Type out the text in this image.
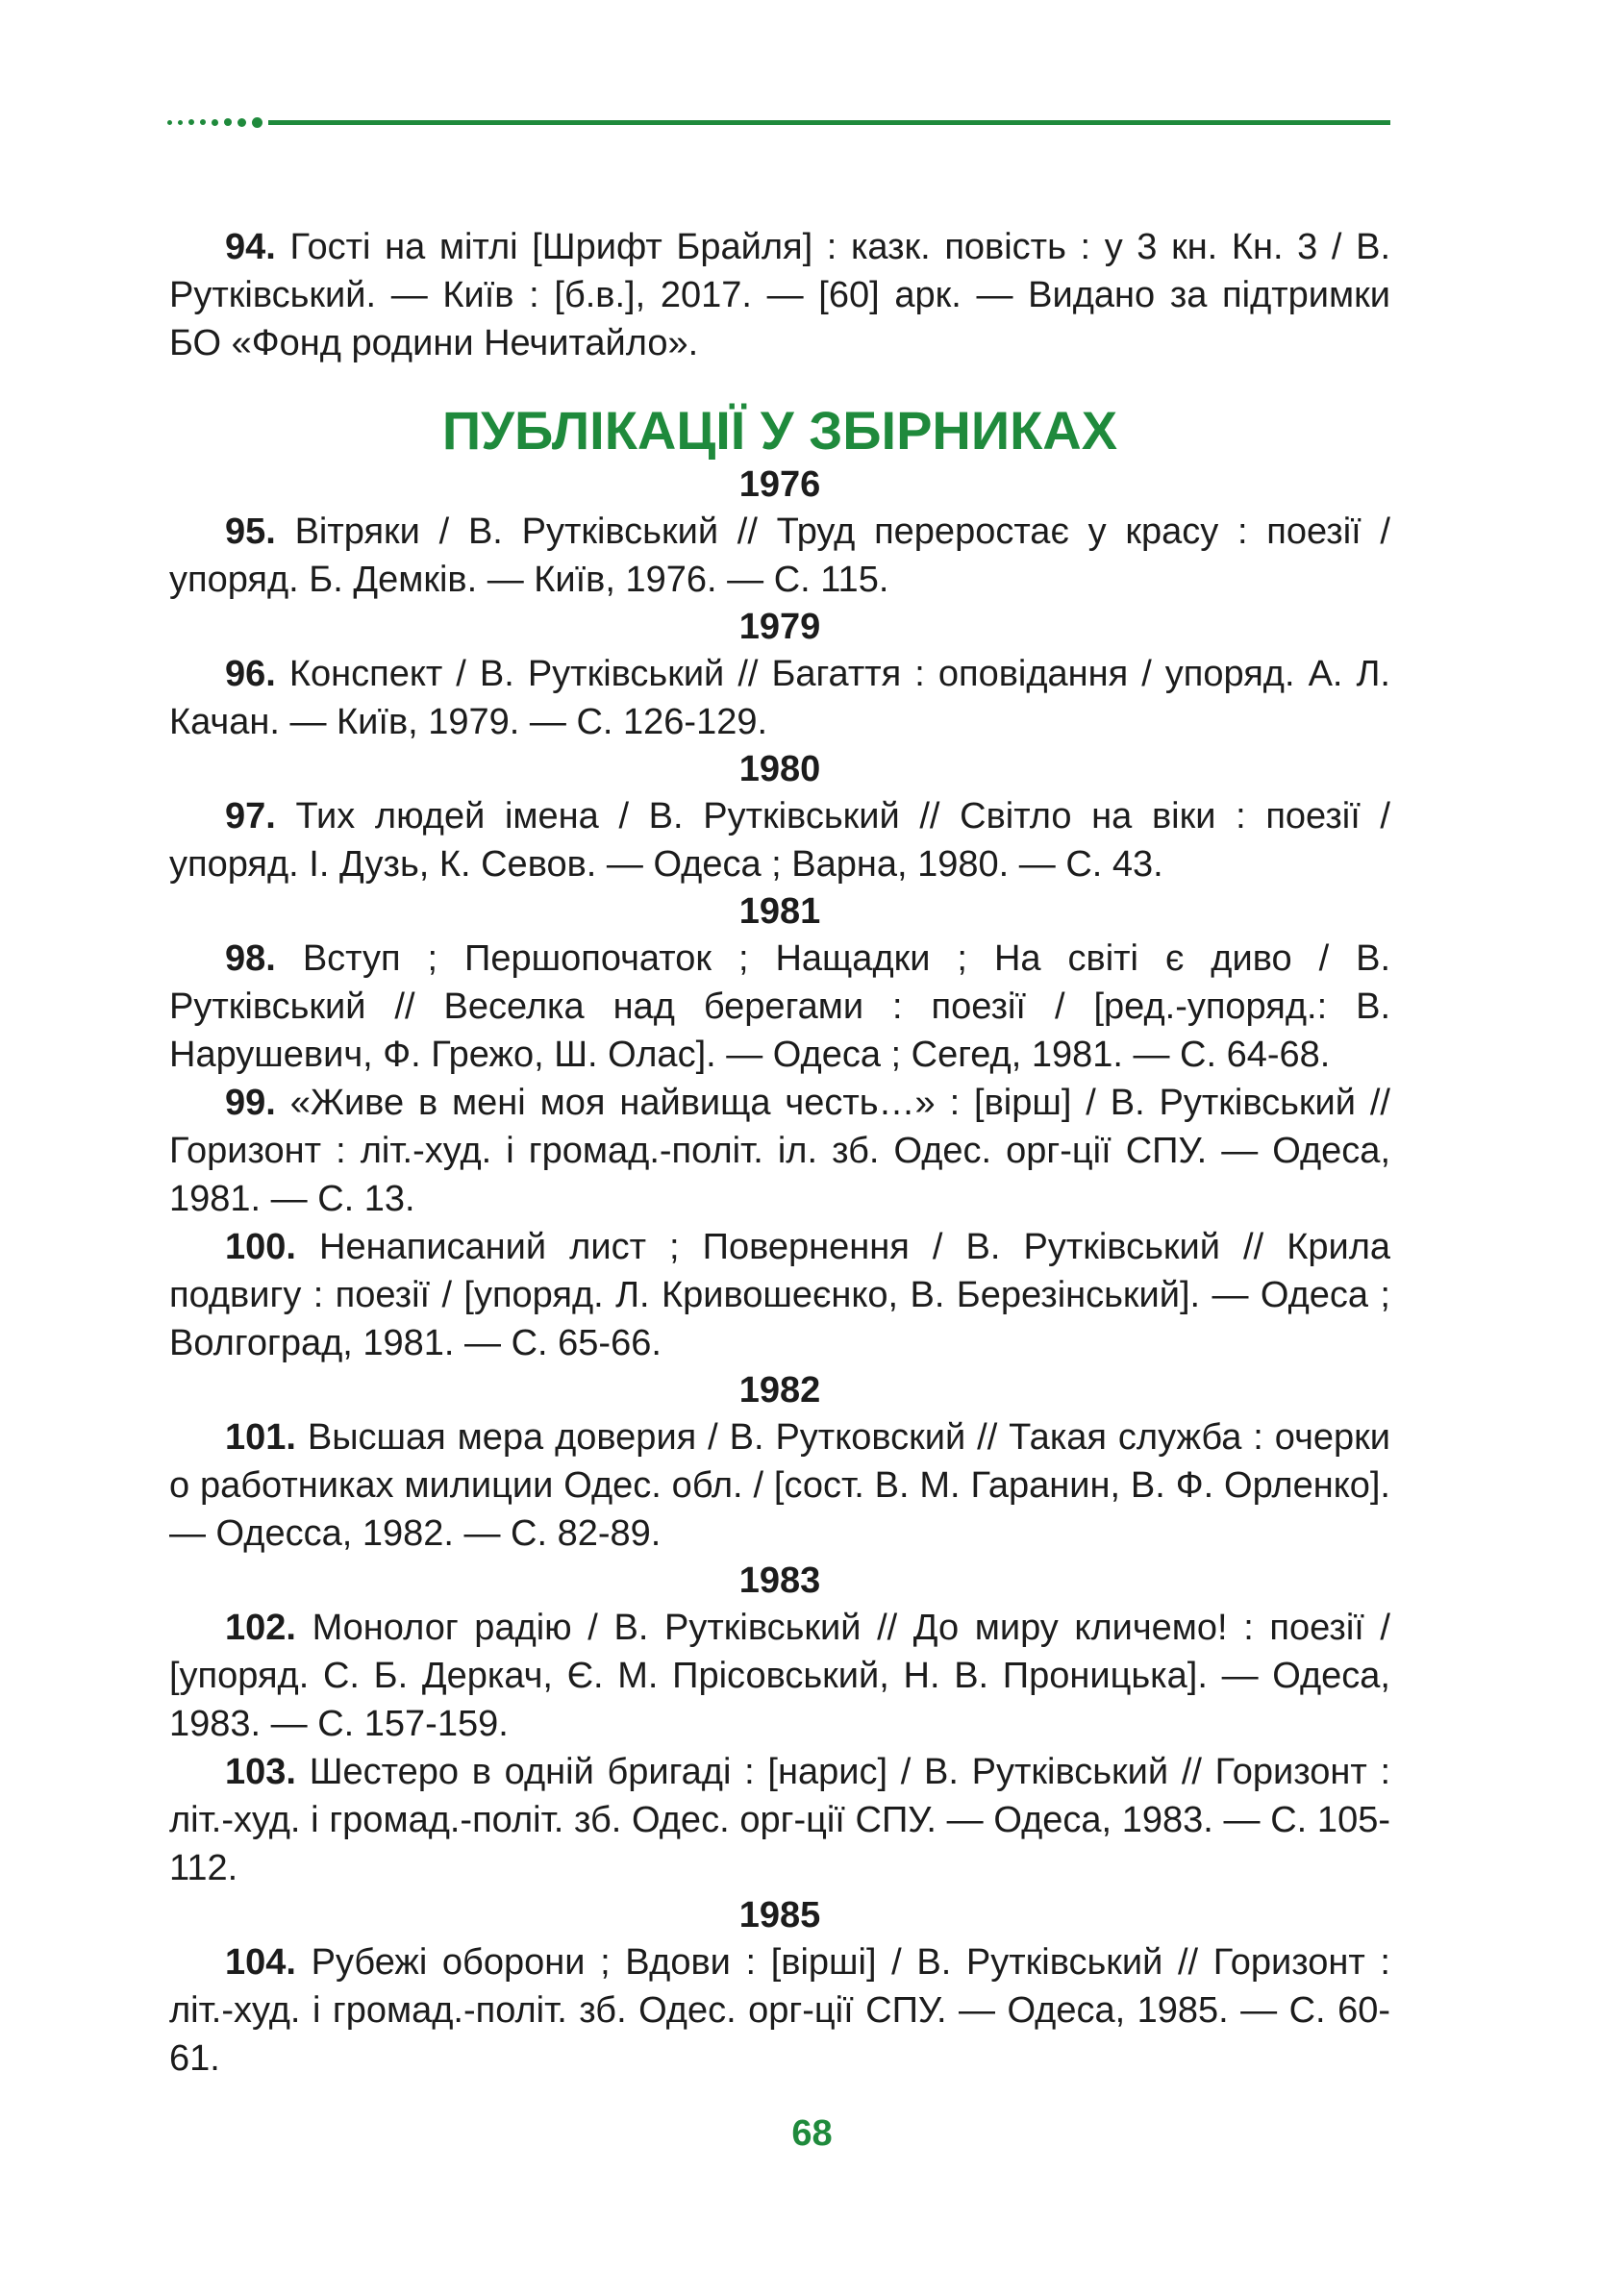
94. Гості на мітлі [Шрифт Брайля] : казк. повість : у 3 кн. Кн. 3 / В. Рутківський. — Київ : [б.в.], 2017. — [60] арк. — Видано за підтримки БО «Фонд родини Нечитайло».

ПУБЛІКАЦІЇ У ЗБІРНИКАХ
1976

95. Вітряки / В. Рутківський // Труд переростає у красу : поезії / упоряд. Б. Демків. — Київ, 1976. — С. 115.

1979

96. Конспект / В. Рутківський // Багаття : оповідання / упоряд. А. Л. Качан. — Київ, 1979. — С. 126-129.

1980

97. Тих людей імена / В. Рутківський // Світло на віки : поезії / упоряд. І. Дузь, К. Севов. — Одеса ; Варна, 1980. — С. 43.

1981

98. Вступ ; Першопочаток ; Нащадки ; На світі є диво / В. Рутківський // Веселка над берегами : поезії / [ред.-упоряд.: В. Нарушевич, Ф. Грежо, Ш. Олас]. — Одеса ; Сегед, 1981. — С. 64-68.

99. «Живе в мені моя найвища честь…» : [вірш] / В. Рутківський // Горизонт : літ.-худ. і громад.-політ. іл. зб. Одес. орг-ції СПУ. — Одеса, 1981. — С. 13.

100. Ненаписаний лист ; Повернення / В. Рутківський // Крила подвигу : поезії / [упоряд. Л. Кривошеєнко, В. Березінський]. — Одеса ; Волгоград, 1981. — С. 65-66.

1982

101. Высшая мера доверия / В. Рутковский // Такая служба : очерки о работниках милиции Одес. обл. / [сост. В. М. Гаранин, В. Ф. Орленко]. — Одесса, 1982. — С. 82-89.

1983

102. Монолог радію / В. Рутківський // До миру кличемо! : поезії / [упоряд. С. Б. Деркач, Є. М. Прісовський, Н. В. Проницька]. — Одеса, 1983. — С. 157-159.

103. Шестеро в одній бригаді : [нарис] / В. Рутківський // Горизонт : літ.-худ. і громад.-політ. зб. Одес. орг-ції СПУ. — Одеса, 1983. — С. 105-112.

1985

104. Рубежі оборони ; Вдови : [вірші] / В. Рутківський // Горизонт : літ.-худ. і громад.-політ. зб. Одес. орг-ції СПУ. — Одеса, 1985. — С. 60-61.

68
